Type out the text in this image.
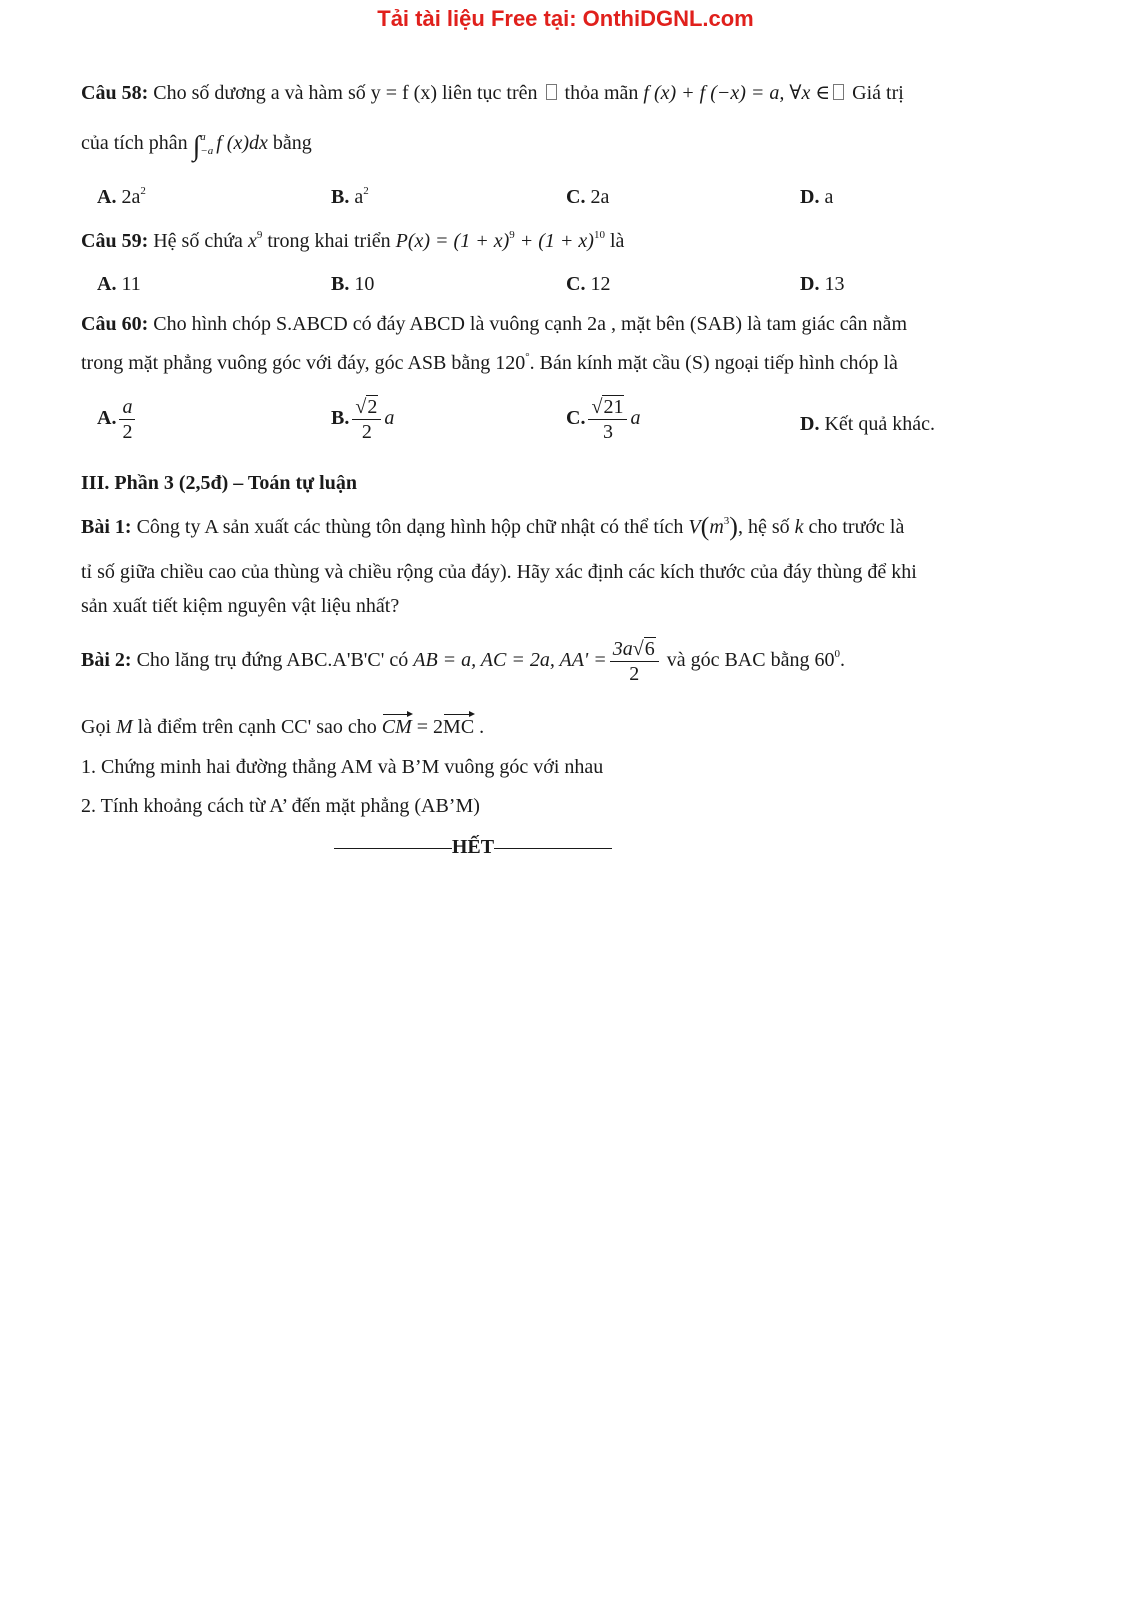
Tải tài liệu Free tại: OnthiDGNL.com
Câu 58: Cho số dương a và hàm số y = f (x) liên tục trên  thỏa mãn f (x) + f (−x) = a, ∀x ∈ Giá trị
của tích phân ∫ a
−a f (x)dx bằng
A. $2a^2$	B. $a^2$	C. 2a	D. a
Câu 59: Hệ số chứa $x^9$ trong khai triển $P(x) = (1 + x)^9 + (1 + x)^{10}$ là
A. 11	B. 10	C. 12	D. 13
Câu 60: Cho hình chóp S.ABCD có đáy ABCD là vuông cạnh 2a , mặt bên (SAB) là tam giác cân nằm
trong mặt phẳng vuông góc với đáy, góc ASB bằng 120°. Bán kính mặt cầu (S) ngoại tiếp hình chóp là
A. $\frac{a}{2}$	B. $\frac{√2}{2}$ a	C. $\frac{√21}{3}$ a	D. Kết quả khác.
III. Phần 3 (2,5đ) – Toán tự luận
Bài 1: Công ty A sản xuất các thùng tôn dạng hình hộp chữ nhật có thể tích $V(m^3)$, hệ số k cho trước là
tỉ số giữa chiều cao của thùng và chiều rộng của đáy). Hãy xác định các kích thước của đáy thùng để khi
sản xuất tiết kiệm nguyên vật liệu nhất?
Bài 2: Cho lăng trụ đứng ABC.A'B'C' có AB = a, AC = 2a, $AA' = \frac{3a√6}{2}$ và góc BAC bằng $60^0$.
Gọi M là điểm trên cạnh CC' sao cho CM = 2MC .
1. Chứng minh hai đường thẳng AM và B’M vuông góc với nhau
2. Tính khoảng cách từ A’ đến mặt phẳng (AB’M)
HẾT
